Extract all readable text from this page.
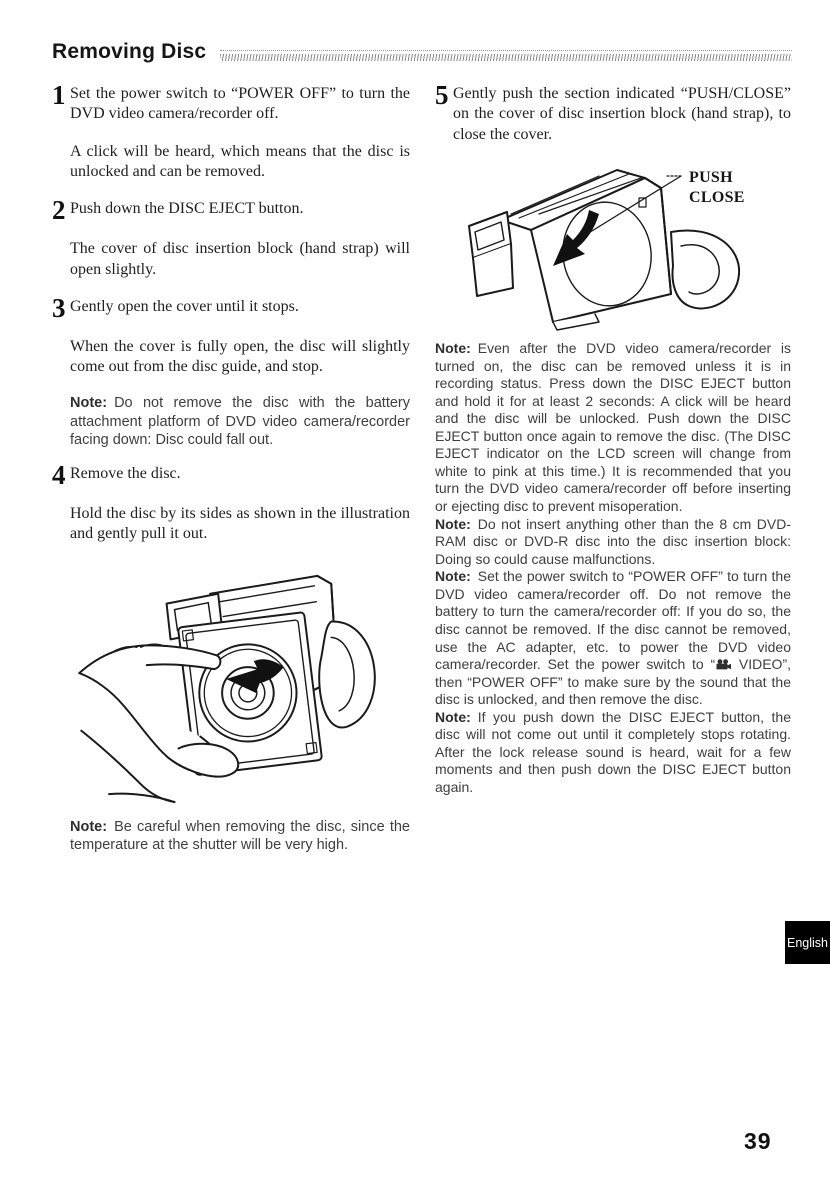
Removing Disc
1 Set the power switch to “POWER OFF” to turn the DVD video camera/recorder off.

A click will be heard, which means that the disc is unlocked and can be removed.

2 Push down the DISC EJECT button.

The cover of disc insertion block (hand strap) will open slightly.

3 Gently open the cover until it stops.

When the cover is fully open, the disc will slightly come out from the disc guide, and stop.

Note: Do not remove the disc with the battery attachment platform of DVD video camera/recorder facing down: Disc could fall out.

4 Remove the disc.

Hold the disc by its sides as shown in the illustration and gently pull it out.

Note: Be careful when removing the disc, since the temperature at the shutter will be very high.

5 Gently push the section indicated “PUSH/CLOSE” on the cover of disc insertion block (hand strap), to close the cover.
PUSH
CLOSE

Note: Even after the DVD video camera/recorder is turned on, the disc can be removed unless it is in recording status. Press down the DISC EJECT button and hold it for at least 2 seconds: A click will be heard and the disc will be unlocked. Push down the DISC EJECT button once again to remove the disc. (The DISC EJECT indicator on the LCD screen will change from white to pink at this time.) It is recommended that you turn the DVD video camera/recorder off before inserting or ejecting disc to prevent misoperation.

Note: Do not insert anything other than the 8 cm DVD-RAM disc or DVD-R disc into the disc insertion block: Doing so could cause malfunctions.

Note: Set the power switch to “POWER OFF” to turn the DVD video camera/recorder off. Do not remove the battery to turn the camera/recorder off: If you do so, the disc cannot be removed. If the disc cannot be removed, use the AC adapter, etc. to power the DVD video camera/recorder. Set the power switch to “ VIDEO”, then “POWER OFF” to make sure by the sound that the disc is unlocked, and then remove the disc.

Note: If you push down the DISC EJECT button, the disc will not come out until it completely stops rotating. After the lock release sound is heard, wait for a few moments and then push down the DISC EJECT button again.

English
39
